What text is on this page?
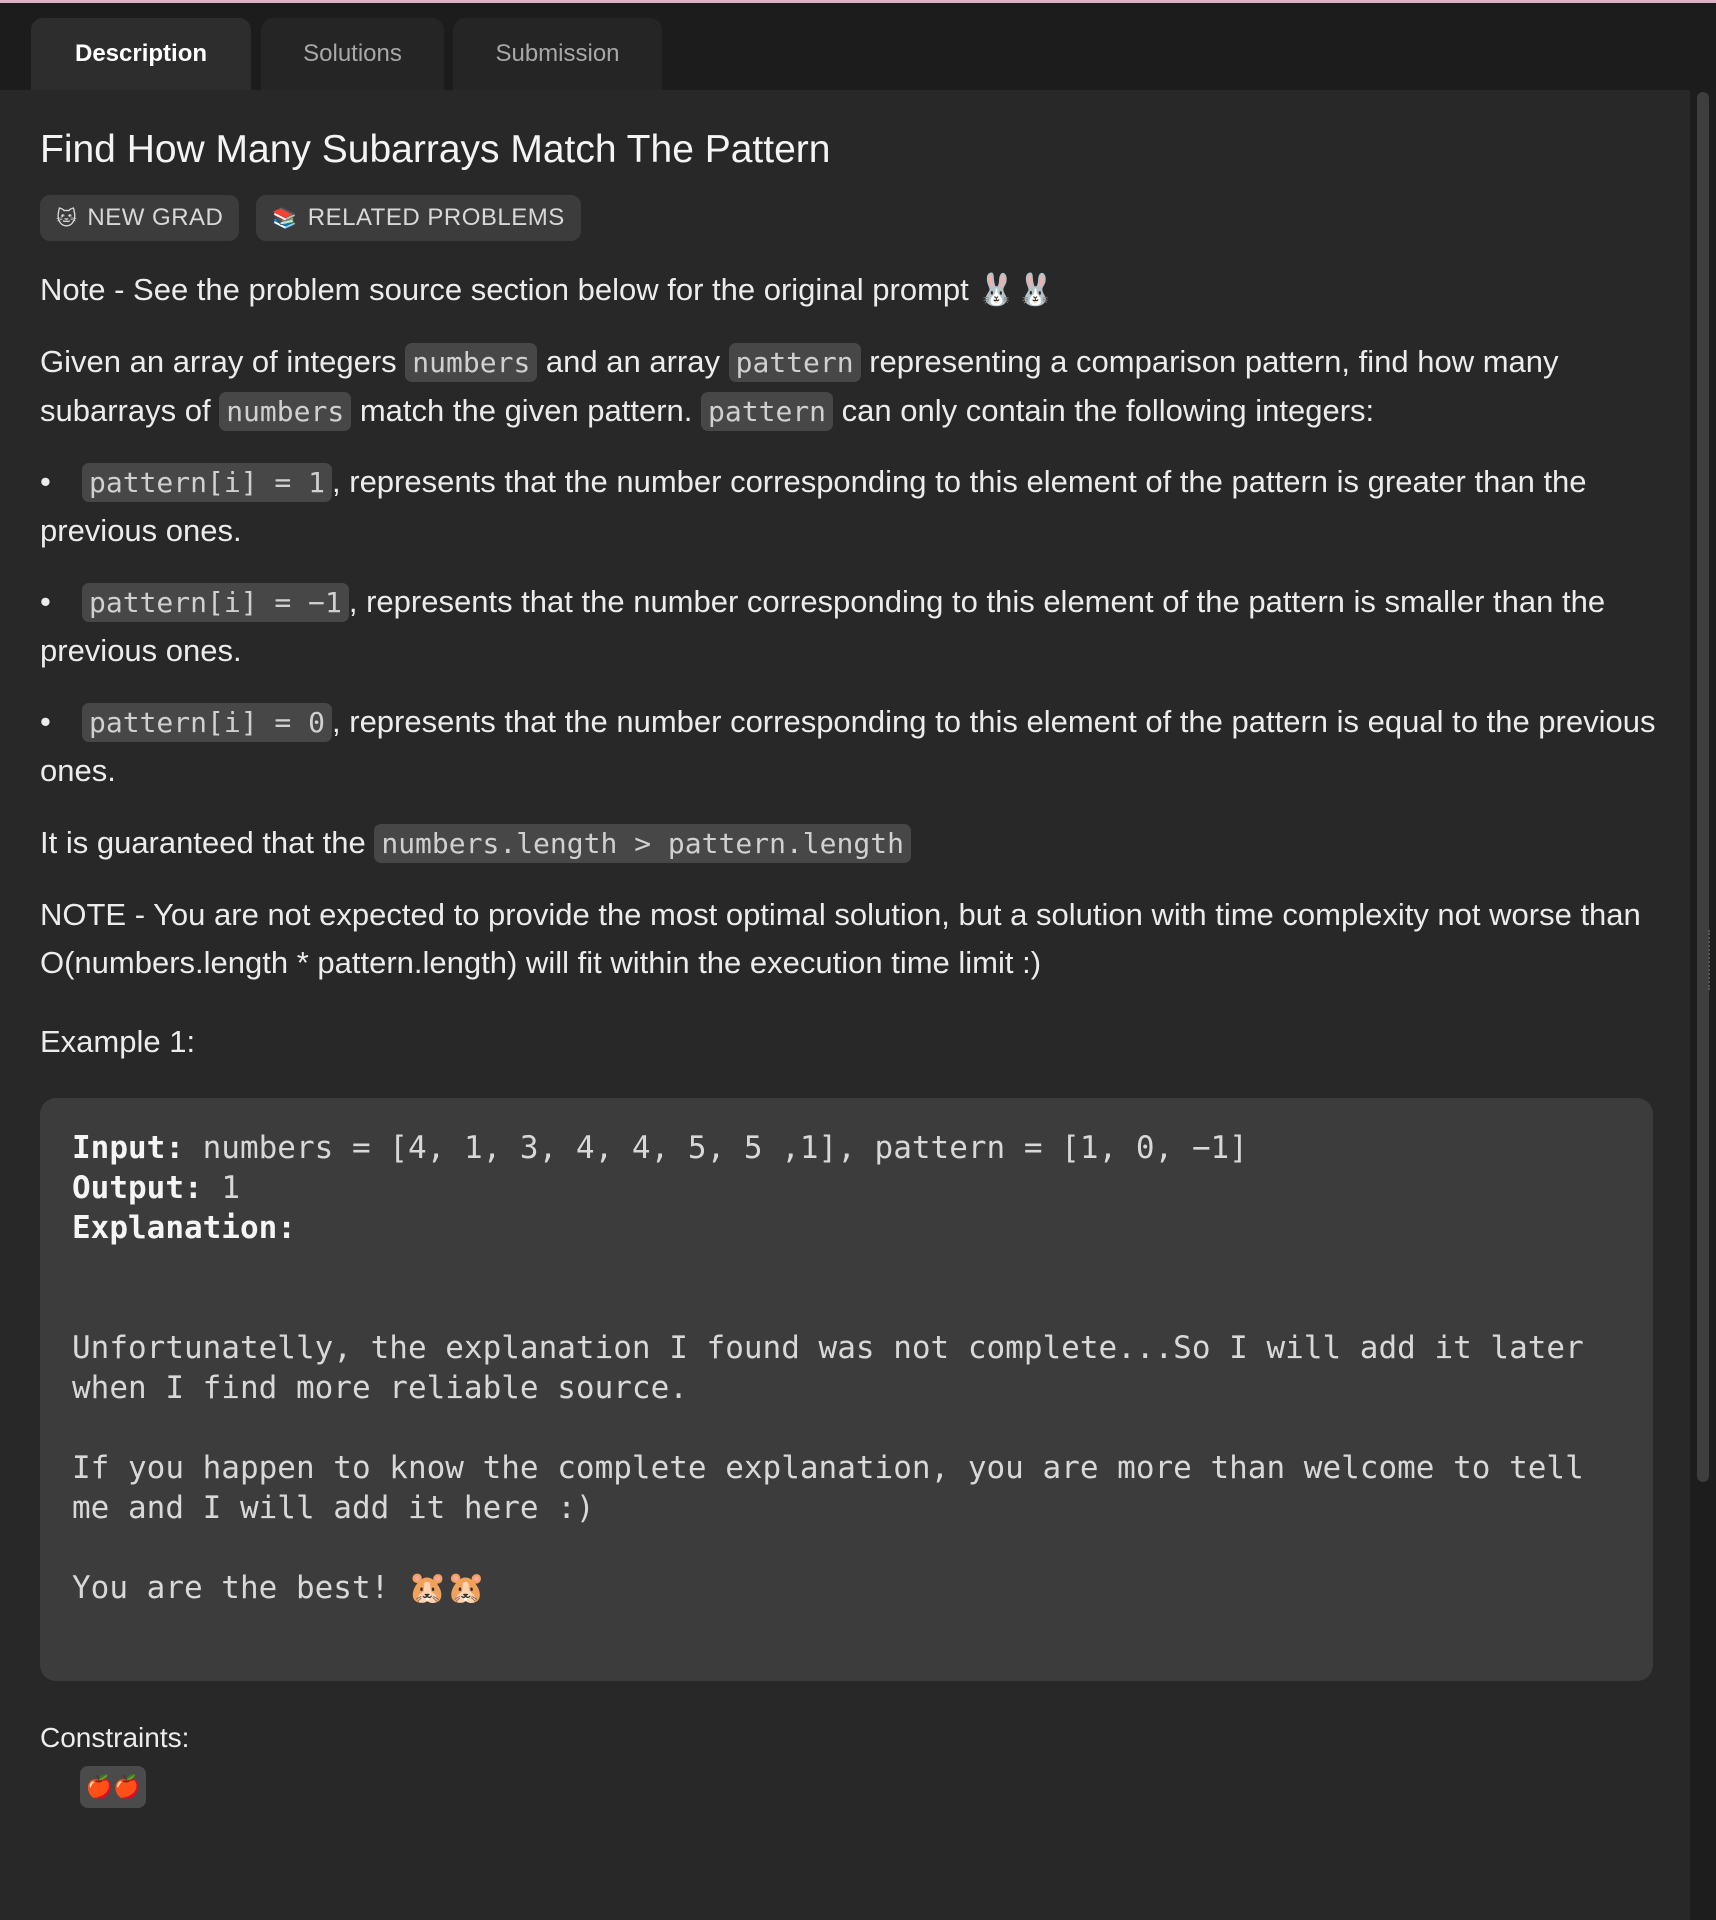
Description	Solutions	Submission
Find How Many Subarrays Match The Pattern
🐱 NEW GRAD 📚 RELATED PROBLEMS
Note - See the problem source section below for the original prompt 🐰🐰
Given an array of integers numbers and an array pattern representing a comparison pattern, find how many subarrays of numbers match the given pattern. pattern can only contain the following integers:
• pattern[i] = 1 , represents that the number corresponding to this element of the pattern is greater than the previous ones.
• pattern[i] = −1 , represents that the number corresponding to this element of the pattern is smaller than the previous ones.
• pattern[i] = 0 , represents that the number corresponding to this element of the pattern is equal to the previous ones.
It is guaranteed that the numbers.length > pattern.length
NOTE - You are not expected to provide the most optimal solution, but a solution with time complexity not worse than O(numbers.length * pattern.length) will fit within the execution time limit :)
Example 1:
Input: numbers = [4, 1, 3, 4, 4, 5, 5 ,1], pattern = [1, 0, −1]
Output: 1
Explanation:

Unfortunatelly, the explanation I found was not complete...So I will add it later when I find more reliable source.

If you happen to know the complete explanation, you are more than welcome to tell me and I will add it here :)

You are the best! 🐹🐹
Constraints:
🍎🍎
